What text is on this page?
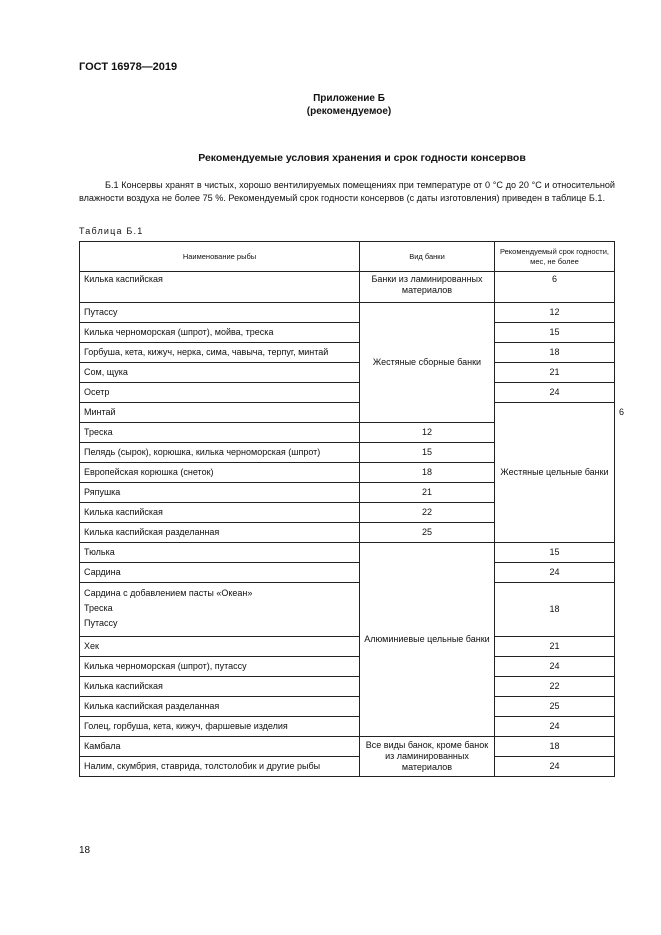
ГОСТ 16978—2019
Приложение Б
(рекомендуемое)
Рекомендуемые условия хранения и срок годности консервов

Б.1 Консервы хранят в чистых, хорошо вентилируемых помещениях при температуре от 0 °С до 20 °С и относительной влажности воздуха не более 75 %. Рекомендуемый срок годности консервов (с даты изготовления) приведен в таблице Б.1.

Таблица Б.1
Наименование рыбы	Вид банки	Рекомендуемый срок годности, мес, не более	
Килька каспийская	Банки из ламинированных материалов	6	
Путассу	Жестяные сборные банки	12	
Килька черноморская (шпрот), мойва, треска		15	
Горбуша, кета, кижуч, нерка, сима, чавыча, терпуг, минтай		18	
Сом, щука		21	
Осетр		24	
Минтай		Жестяные цельные банки	6
Треска	12		
Пелядь (сырок), корюшка, килька черноморская (шпрот)	15		
Европейская корюшка (снеток)	18		
Ряпушка	21		
Килька каспийская	22		
Килька каспийская разделанная	25		
Тюлька	Алюминиевые цельные банки	15	
Сардина		24	

Сардина с добавлением пасты «Океан»
Треска
Путассу		18	
Хек		21	
Килька черноморская (шпрот), путассу		24	
Килька каспийская		22	
Килька каспийская разделанная		25	
Голец, горбуша, кета, кижуч, фаршевые изделия		24	
Камбала	Все виды банок, кроме банок из ламинированных материалов	18	
Налим, скумбрия, ставрида, толстолобик и другие рыбы		24	
18
